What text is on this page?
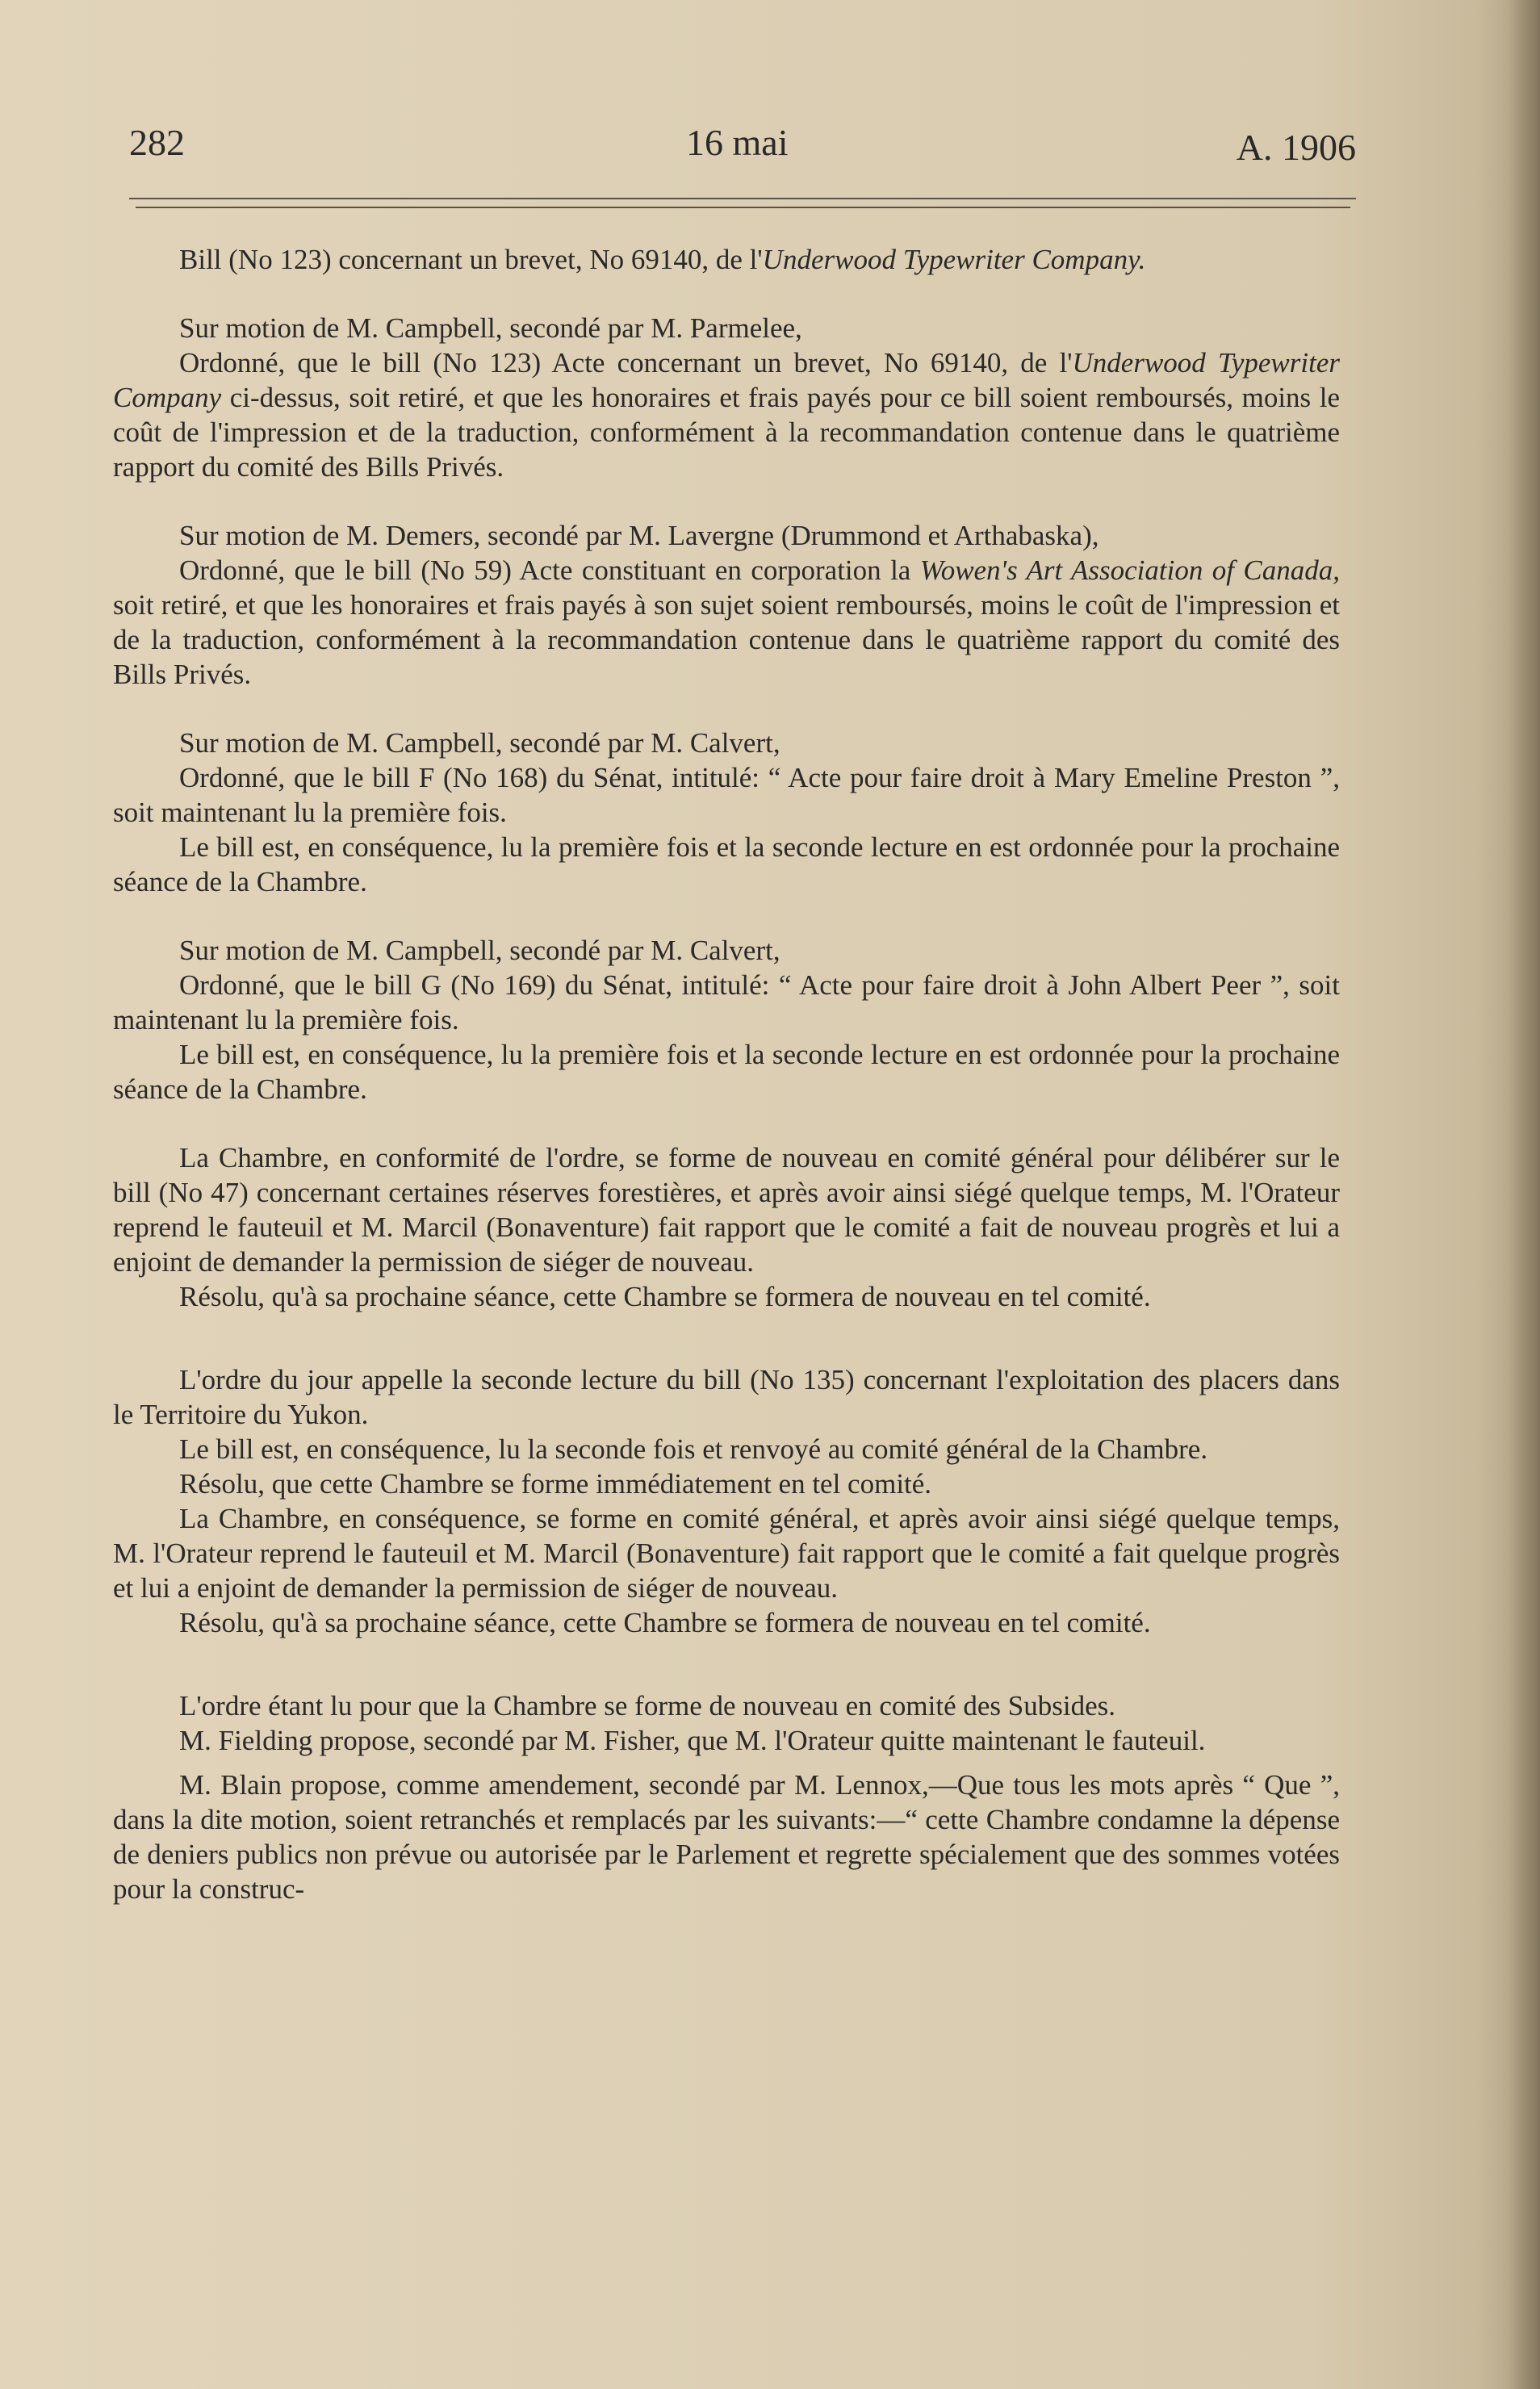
282	16 mai	A. 1906

Bill (No 123) concernant un brevet, No 69140, de l'Underwood Typewriter Company.

Sur motion de M. Campbell, secondé par M. Parmelee,

Ordonné, que le bill (No 123) Acte concernant un brevet, No 69140, de l'Underwood Typewriter Company ci-dessus, soit retiré, et que les honoraires et frais payés pour ce bill soient remboursés, moins le coût de l'impression et de la traduction, conformément à la recommandation contenue dans le quatrième rapport du comité des Bills Privés.

Sur motion de M. Demers, secondé par M. Lavergne (Drummond et Arthabaska),

Ordonné, que le bill (No 59) Acte constituant en corporation la Wowen's Art Association of Canada, soit retiré, et que les honoraires et frais payés à son sujet soient remboursés, moins le coût de l'impression et de la traduction, conformément à la recommandation contenue dans le quatrième rapport du comité des Bills Privés.

Sur motion de M. Campbell, secondé par M. Calvert,

Ordonné, que le bill F (No 168) du Sénat, intitulé: “ Acte pour faire droit à Mary Emeline Preston ”, soit maintenant lu la première fois.

Le bill est, en conséquence, lu la première fois et la seconde lecture en est ordonnée pour la prochaine séance de la Chambre.

Sur motion de M. Campbell, secondé par M. Calvert,

Ordonné, que le bill G (No 169) du Sénat, intitulé: “ Acte pour faire droit à John Albert Peer ”, soit maintenant lu la première fois.

Le bill est, en conséquence, lu la première fois et la seconde lecture en est ordonnée pour la prochaine séance de la Chambre.

La Chambre, en conformité de l'ordre, se forme de nouveau en comité général pour délibérer sur le bill (No 47) concernant certaines réserves forestières, et après avoir ainsi siégé quelque temps, M. l'Orateur reprend le fauteuil et M. Marcil (Bonaventure) fait rapport que le comité a fait de nouveau progrès et lui a enjoint de demander la permission de siéger de nouveau.

Résolu, qu'à sa prochaine séance, cette Chambre se formera de nouveau en tel comité.

L'ordre du jour appelle la seconde lecture du bill (No 135) concernant l'exploitation des placers dans le Territoire du Yukon.

Le bill est, en conséquence, lu la seconde fois et renvoyé au comité général de la Chambre.

Résolu, que cette Chambre se forme immédiatement en tel comité.

La Chambre, en conséquence, se forme en comité général, et après avoir ainsi siégé quelque temps, M. l'Orateur reprend le fauteuil et M. Marcil (Bonaventure) fait rapport que le comité a fait quelque progrès et lui a enjoint de demander la permission de siéger de nouveau.

Résolu, qu'à sa prochaine séance, cette Chambre se formera de nouveau en tel comité.

L'ordre étant lu pour que la Chambre se forme de nouveau en comité des Subsides.

M. Fielding propose, secondé par M. Fisher, que M. l'Orateur quitte maintenant le fauteuil.

M. Blain propose, comme amendement, secondé par M. Lennox,—Que tous les mots après “ Que ”, dans la dite motion, soient retranchés et remplacés par les suivants:—“ cette Chambre condamne la dépense de deniers publics non prévue ou autorisée par le Parlement et regrette spécialement que des sommes votées pour la construc-
